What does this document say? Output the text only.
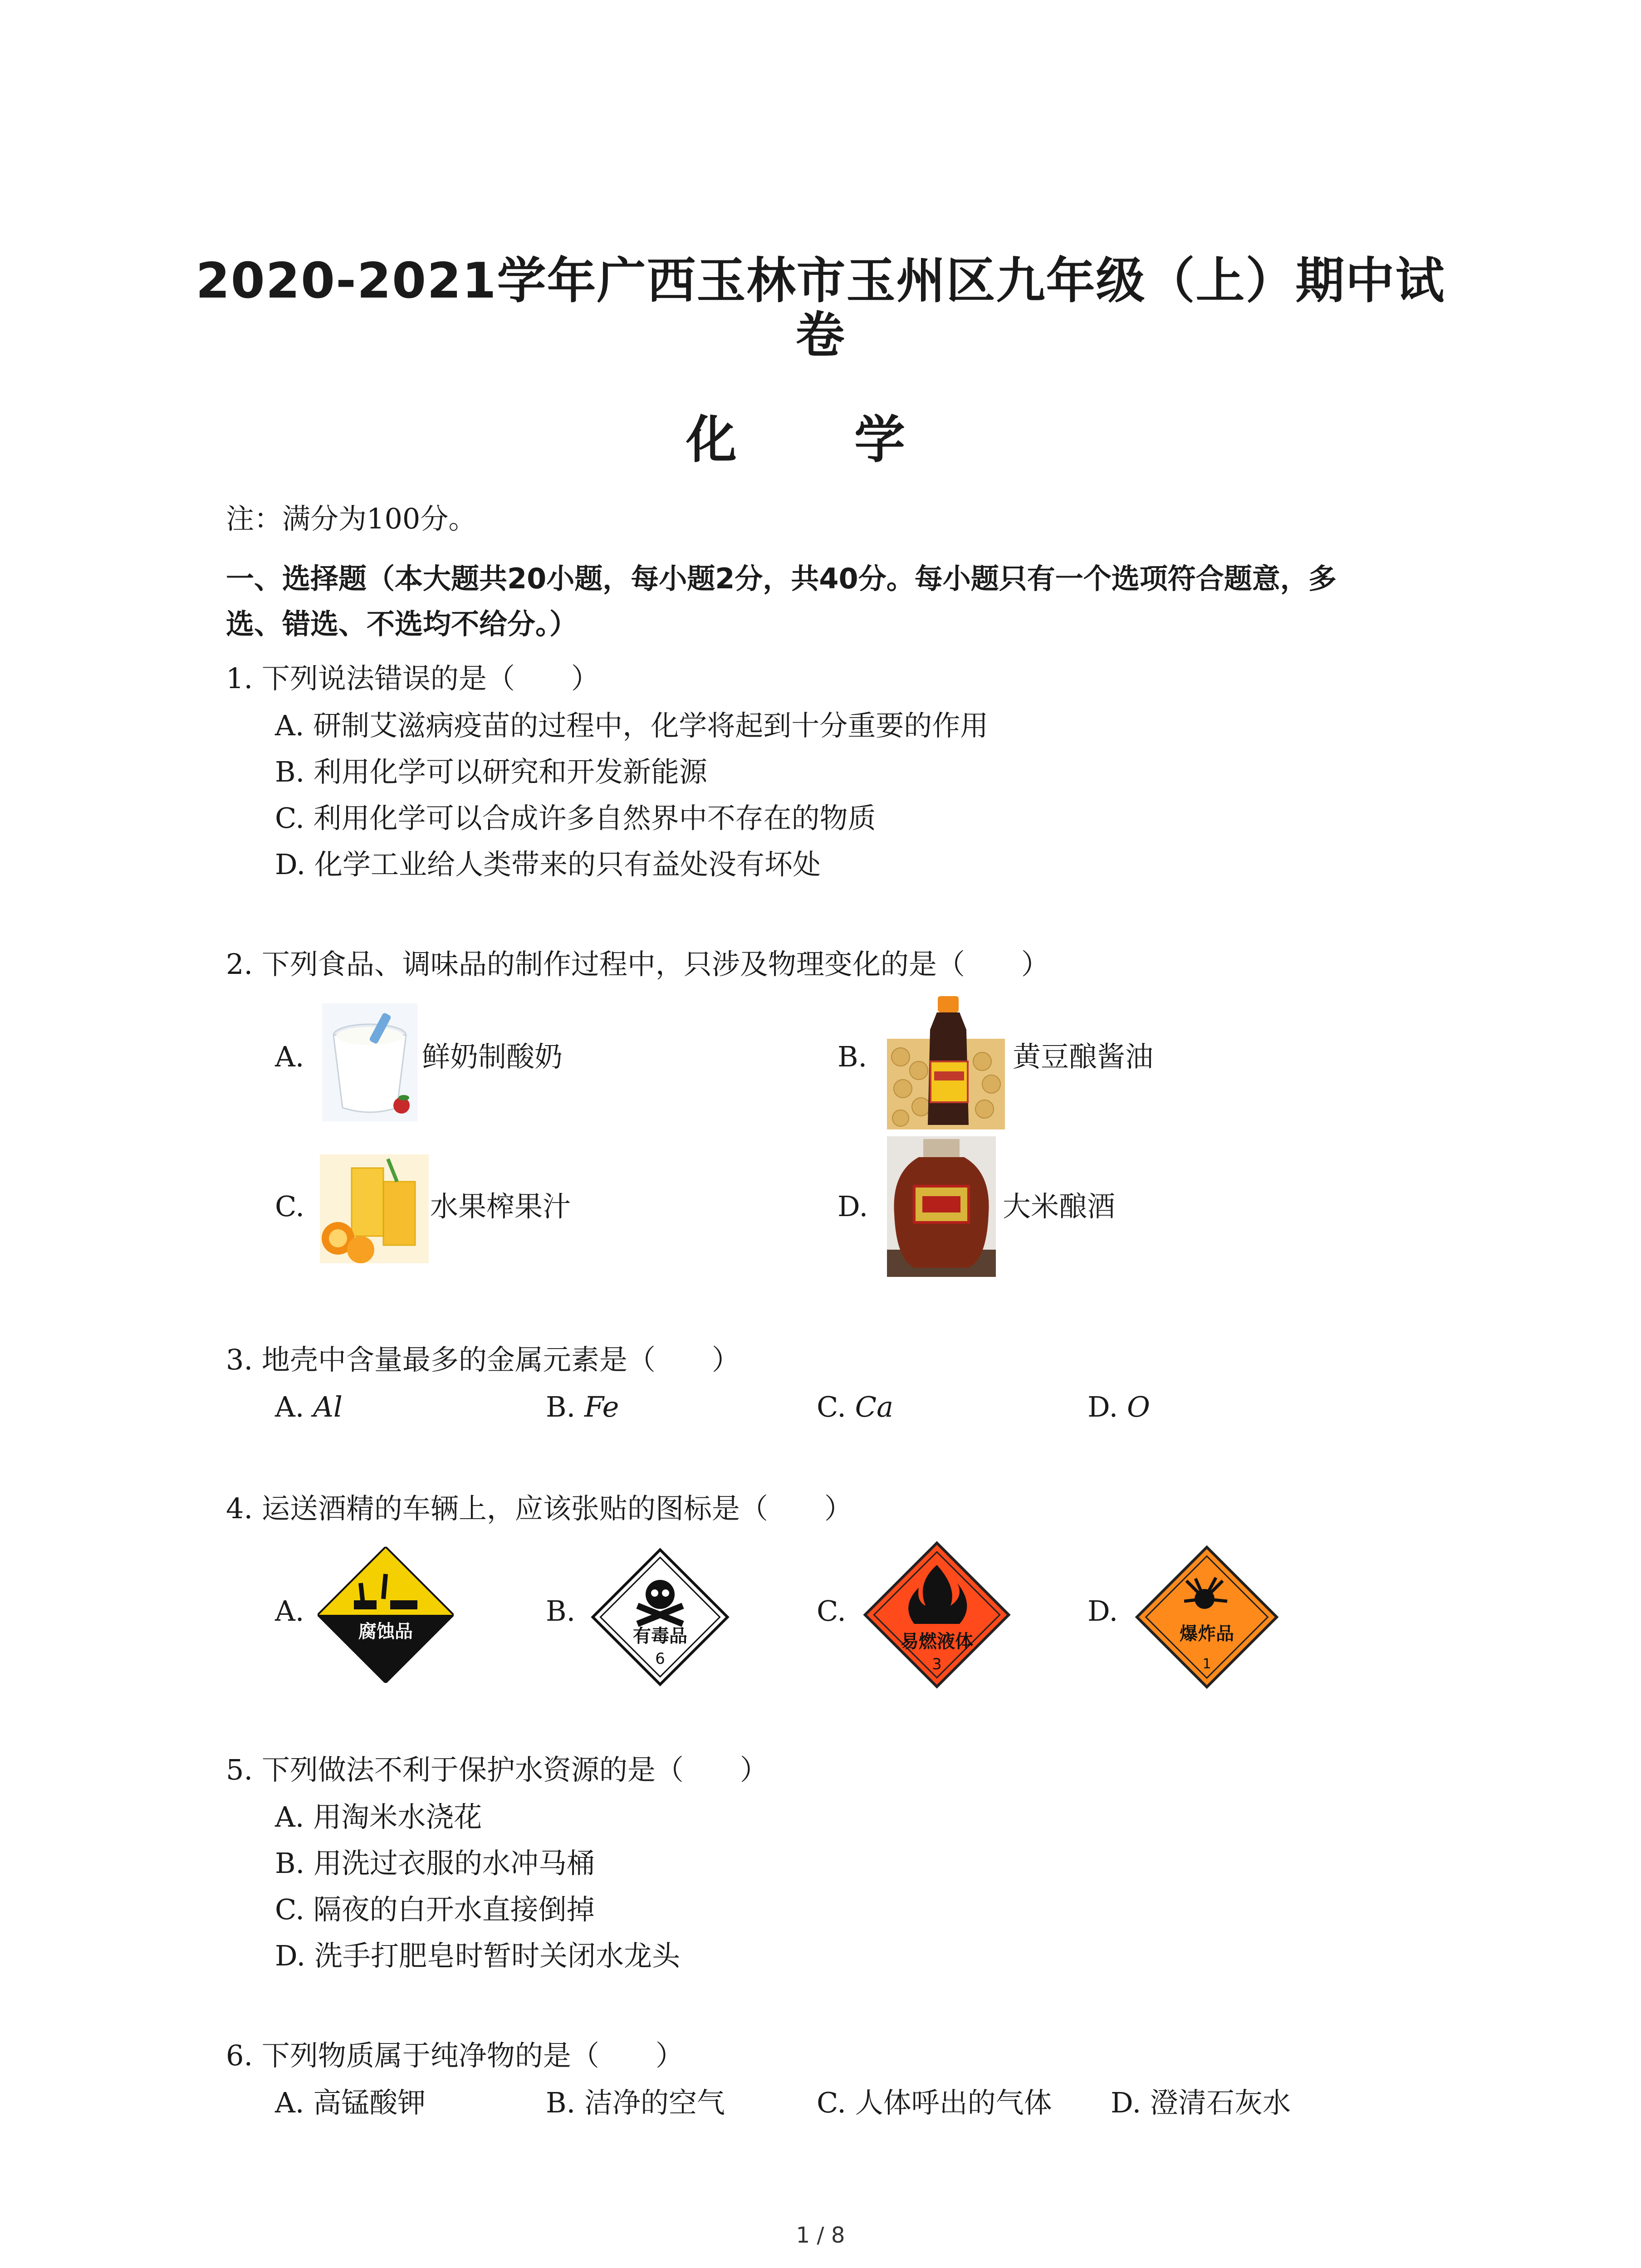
2020-2021学年广西玉林市玉州区九年级（上）期中试
卷
化 学
注：满分为100分。
一、选择题（本大题共20小题，每小题2分，共40分。每小题只有一个选项符合题意，多
选、错选、不选均不给分。）
1. 下列说法错误的是（　　）
A. 研制艾滋病疫苗的过程中，化学将起到十分重要的作用
B. 利用化学可以研究和开发新能源
C. 利用化学可以合成许多自然界中不存在的物质
D. 化学工业给人类带来的只有益处没有坏处
2. 下列食品、调味品的制作过程中，只涉及物理变化的是（　　）
A.	鲜奶制酸奶	B.	黄豆酿酱油
C.	水果榨果汁	D.	大米酿酒
3. 地壳中含量最多的金属元素是（　　）
A. Al	B. Fe	C. Ca	D. O
4. 运送酒精的车辆上，应该张贴的图标是（　　）
A.
腐蚀品
B.
有毒品
6
C.
易燃液体
3
D.
爆炸品
1
5. 下列做法不利于保护水资源的是（　　）
A. 用淘米水浇花
B. 用洗过衣服的水冲马桶
C. 隔夜的白开水直接倒掉
D. 洗手打肥皂时暂时关闭水龙头
6. 下列物质属于纯净物的是（　　）
A. 高锰酸钾	B. 洁净的空气	C. 人体呼出的气体 D. 澄清石灰水
1 / 8
